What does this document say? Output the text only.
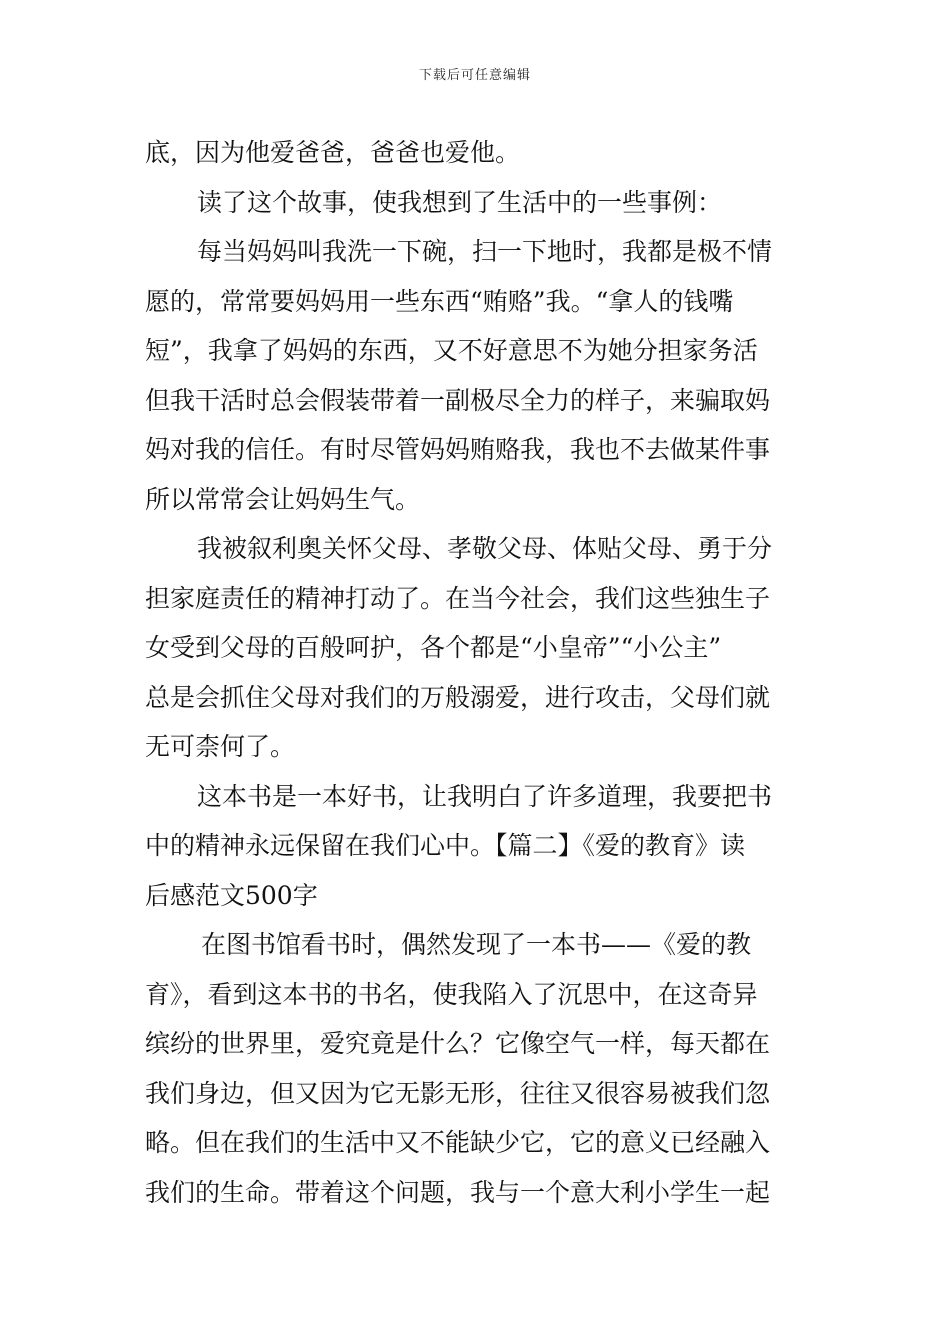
下载后可任意编辑
底，因为他爱爸爸，爸爸也爱他。
读了这个故事，使我想到了生活中的一些事例：
每当妈妈叫我洗一下碗，扫一下地时，我都是极不情
愿的，常常要妈妈用一些东西“贿赂”我。“拿人的钱嘴
短”，我拿了妈妈的东西，又不好意思不为她分担家务活
但我干活时总会假装带着一副极尽全力的样子，来骗取妈
妈对我的信任。有时尽管妈妈贿赂我，我也不去做某件事
所以常常会让妈妈生气。
我被叙利奥关怀父母、孝敬父母、体贴父母、勇于分
担家庭责任的精神打动了。在当今社会，我们这些独生子
女受到父母的百般呵护，各个都是“小皇帝”“小公主”
总是会抓住父母对我们的万般溺爱，进行攻击，父母们就
无可柰何了。
这本书是一本好书，让我明白了许多道理，我要把书
中的精神永远保留在我们心中。【篇二】《爱的教育》读
后感范文500字
在图书馆看书时，偶然发现了一本书——《爱的教
育》，看到这本书的书名，使我陷入了沉思中，在这奇异
缤纷的世界里，爱究竟是什么？它像空气一样，每天都在
我们身边，但又因为它无影无形，往往又很容易被我们忽
略。但在我们的生活中又不能缺少它，它的意义已经融入
我们的生命。带着这个问题，我与一个意大利小学生一起
